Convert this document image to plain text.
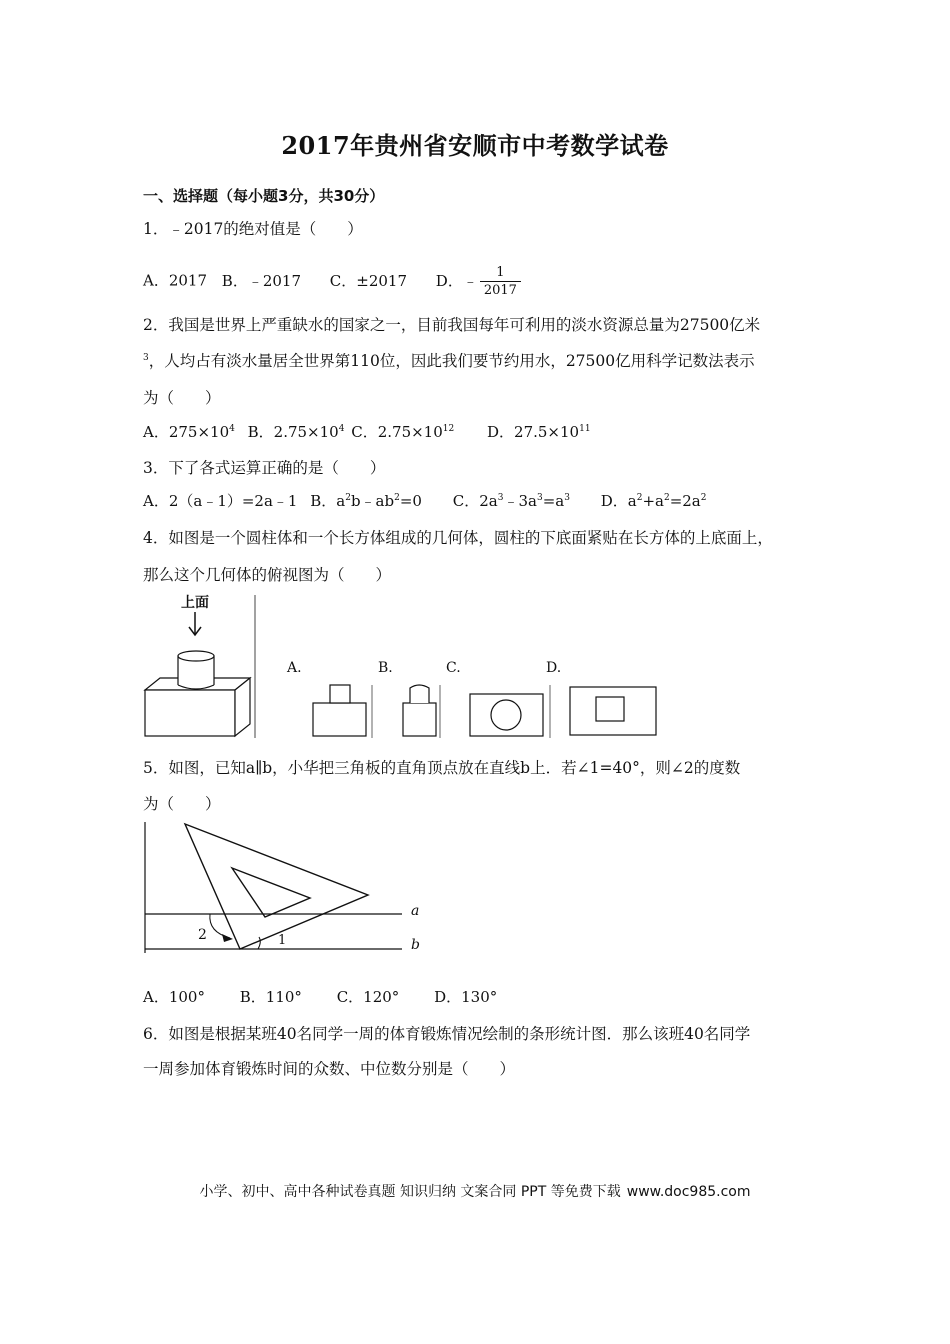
2017年贵州省安顺市中考数学试卷
一、选择题（每小题3分，共30分）
1．﹣2017的绝对值是（　　）
A．2017 B．﹣2017 C．±2017 D．﹣ $\frac{1}{2017}$
2．我国是世界上严重缺水的国家之一，目前我国每年可利用的淡水资源总量为27500亿米
$^3$，人均占有淡水量居全世界第110位，因此我们要节约用水，27500亿用科学记数法表示
为（　　）
A．$275\times 10^4$ B．$2.75\times 10^4$ C．$2.75\times 10^{12}$ D．$27.5\times 10^{11}$
3．下了各式运算正确的是（　　）
A．2（a﹣1）=2a﹣1 B．$a^2b﹣ab^2=0$ C．$2a^3﹣3a^3=a^3$ D．$a^2+a^2=2a^2$
4．如图是一个圆柱体和一个长方体组成的几何体，圆柱的下底面紧贴在长方体的上底面上，
那么这个几何体的俯视图为（　　）
上面
A.	B.	C.	D.
5．如图，已知a∥b，小华把三角板的直角顶点放在直线b上．若∠1=40°，则∠2的度数
为（　　）
a
b
1
2
A．100° B．110° C．120° D．130°
6．如图是根据某班40名同学一周的体育锻炼情况绘制的条形统计图．那么该班40名同学
一周参加体育锻炼时间的众数、中位数分别是（　　）
小学、初中、高中各种试卷真题 知识归纳 文案合同 PPT 等免费下载 www.doc985.com
